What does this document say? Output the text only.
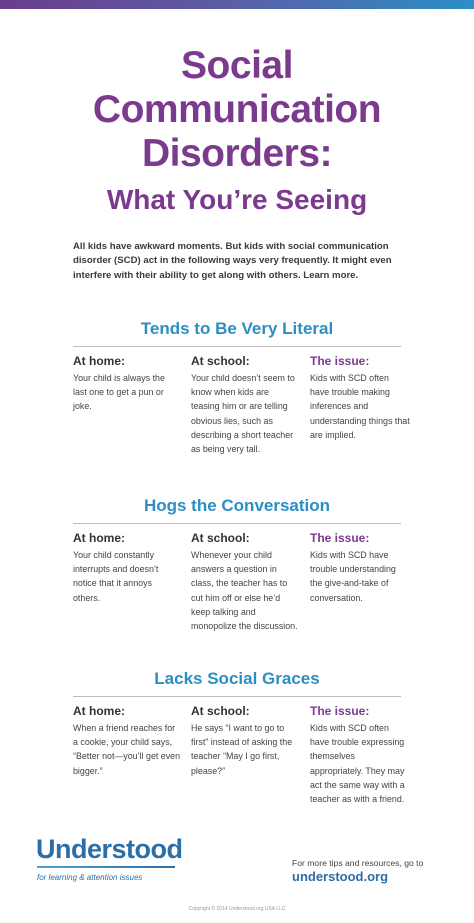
Social
Communication
Disorders:
What You’re Seeing

All kids have awkward moments. But kids with social communication disorder (SCD) act in the following ways very frequently. It might even interfere with their ability to get along with others. Learn more.

Tends to Be Very Literal

At home:

Your child is always the last one to get a pun or joke.

At school:

Your child doesn’t seem to know when kids are teasing him or are telling obvious lies, such as describing a short teacher as being very tall.

The issue:

Kids with SCD often have trouble making inferences and understanding things that are implied.

Hogs the Conversation

At home:

Your child constantly interrupts and doesn’t notice that it annoys others.

At school:

Whenever your child answers a question in class, the teacher has to cut him off or else he’d keep talking and monopolize the discussion.

The issue:

Kids with SCD have trouble understanding the give-and-take of conversation.

Lacks Social Graces

At home:

When a friend reaches for a cookie, your child says, “Better not—you’ll get even bigger.”

At school:

He says “I want to go to first” instead of asking the teacher “May I go first, please?”

The issue:

Kids with SCD often have trouble expressing themselves appropriately. They may act the same way with a teacher as with a friend.

Understood
for learning & attention issues
For more tips and resources, go to
understood.org
Copyright © 2014 Understood.org USA LLC
